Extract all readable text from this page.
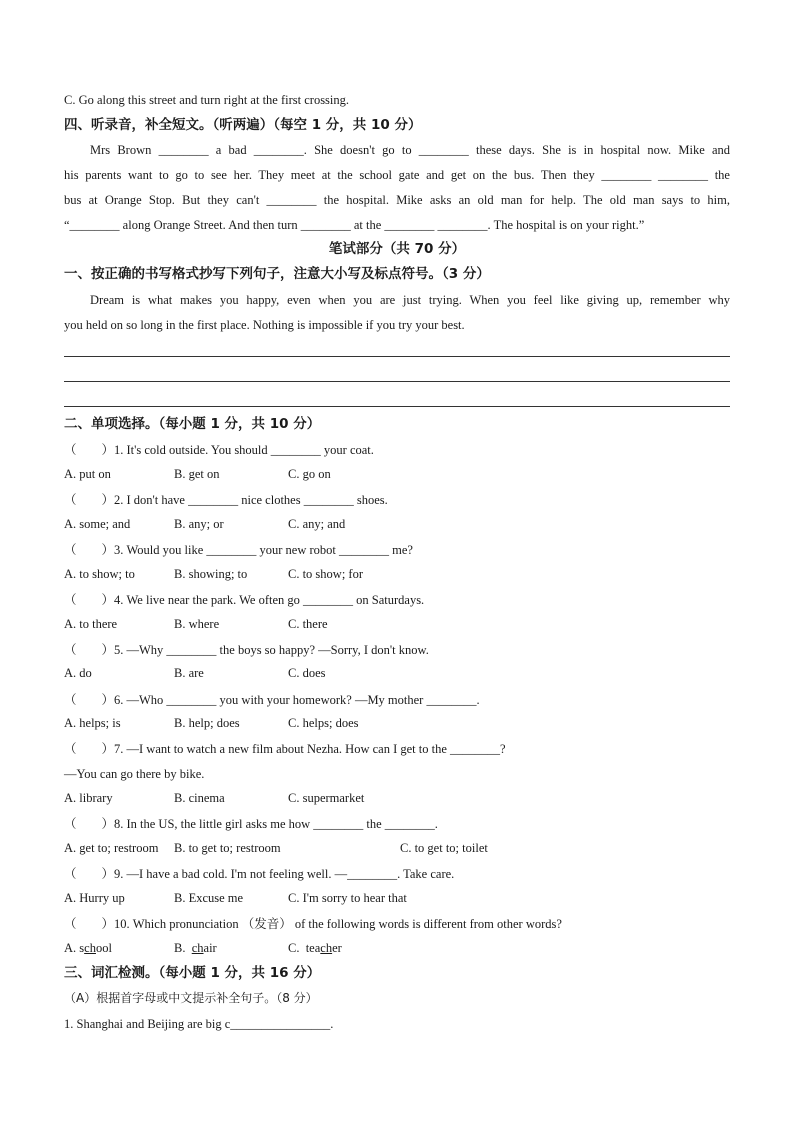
C. Go along this street and turn right at the first crossing.
四、听录音，补全短文。（听两遍）（每空 1 分，共 10 分）
Mrs Brown ________ a bad ________. She doesn't go to ________ these days. She is in hospital now. Mike and
his parents want to go to see her. They meet at the school gate and get on the bus. Then they ________ ________ the
bus at Orange Stop. But they can't ________ the hospital. Mike asks an old man for help. The old man says to him,
“________ along Orange Street. And then turn ________ at the ________ ________. The hospital is on your right.”
笔试部分（共 70 分）
一、按正确的书写格式抄写下列句子，注意大小写及标点符号。（3 分）
Dream is what makes you happy, even when you are just trying. When you feel like giving up, remember why
you held on so long in the first place. Nothing is impossible if you try your best.
二、单项选择。（每小题 1 分，共 10 分）
（　　）1. It's cold outside. You should ________ your coat.
A. put on	B. get on	C. go on
（　　）2. I don't have ________ nice clothes ________ shoes.
A. some; and	B. any; or	C. any; and
（　　）3. Would you like ________ your new robot ________ me?
A. to show; to	B. showing; to	C. to show; for
（　　）4. We live near the park. We often go ________ on Saturdays.
A. to there	B. where	C. there
（　　）5. —Why ________ the boys so happy? —Sorry, I don't know.
A. do	B. are	C. does
（　　）6. —Who ________ you with your homework? —My mother ________.
A. helps; is	B. help; does	C. helps; does
（　　）7. —I want to watch a new film about Nezha. How can I get to the ________?
—You can go there by bike.
A. library	B. cinema	C. supermarket
（　　）8. In the US, the little girl asks me how ________ the ________.
A. get to; restroom B. to get to; restroom	C. to get to; toilet
（　　）9. —I have a bad cold. I'm not feeling well. —________. Take care.
A. Hurry up	B. Excuse me	C. I'm sorry to hear that
（　　）10. Which pronunciation （发音） of the following words is different from other words?
A. school	B.  chair	C.  teacher
三、词汇检测。（每小题 1 分，共 16 分）
（A）根据首字母或中文提示补全句子。（8 分）
1. Shanghai and Beijing are big c________________.
